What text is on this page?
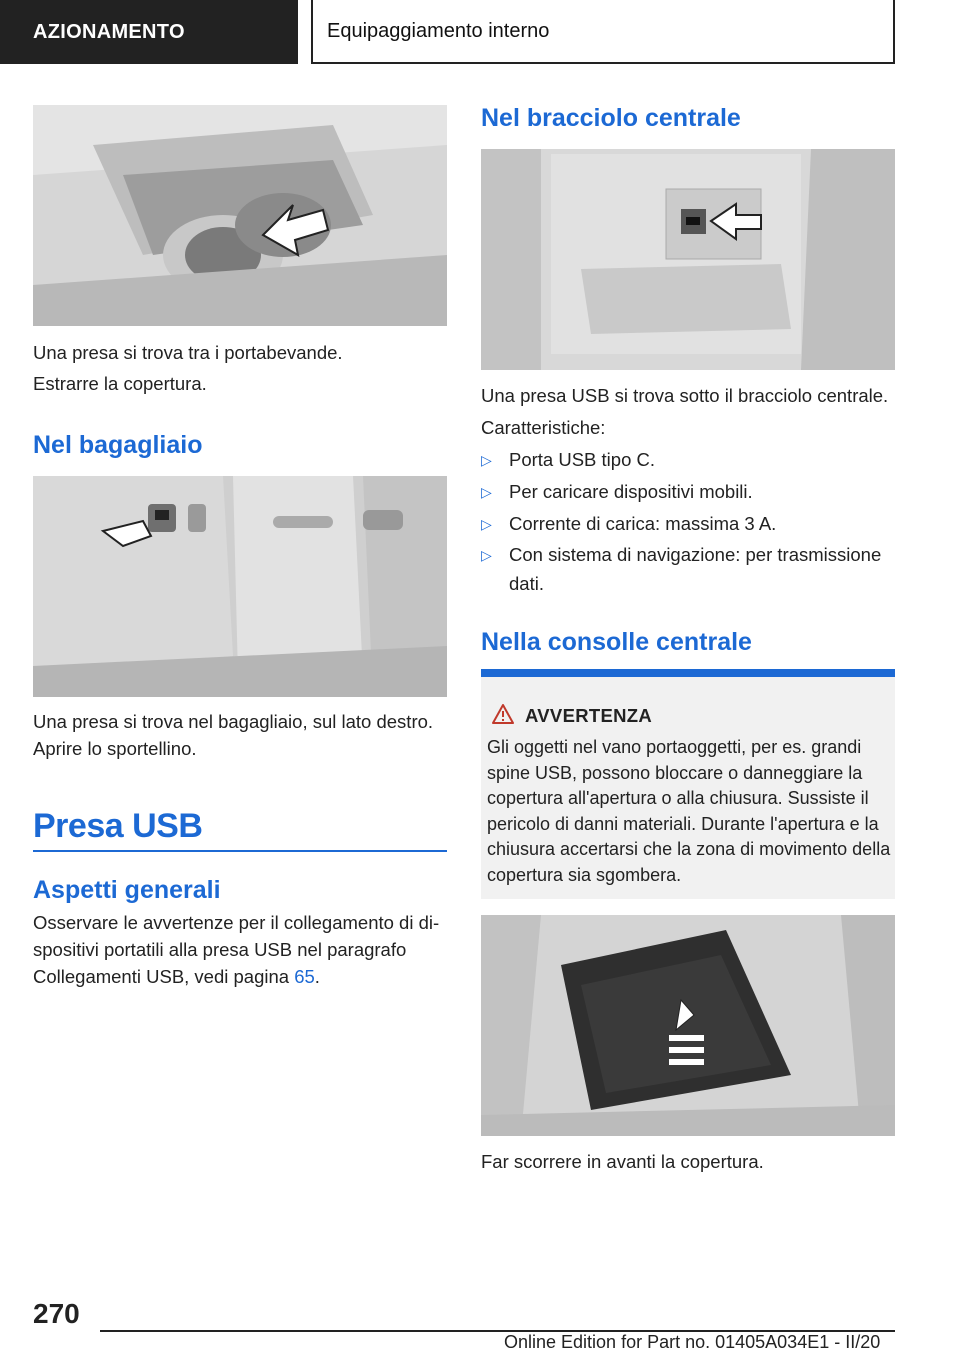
AZIONAMENTO	Equipaggiamento interno
Una presa si trova tra i portabevande.
Estrarre la copertura.
Nel bagagliaio
Una presa si trova nel bagagliaio, sul lato destro.
Aprire lo sportellino.
Presa USB
Aspetti generali
Osservare le avvertenze per il collegamento di dispositivi portatili alla presa USB nel paragrafo Collegamenti USB, vedi pagina 65.
Nel bracciolo centrale
Una presa USB si trova sotto il bracciolo centrale.
Caratteristiche:
▷ Porta USB tipo C.
▷ Per caricare dispositivi mobili.
▷ Corrente di carica: massima 3 A.
▷ Con sistema di navigazione: per trasmissione dati.
Nella consolle centrale
AVVERTENZA
Gli oggetti nel vano portaoggetti, per es. grandi spine USB, possono bloccare o danneggiare la copertura all'apertura o alla chiusura. Sussiste il pericolo di danni materiali. Durante l'apertura e la chiusura accertarsi che la zona di movimento della copertura sia sgombera.
Far scorrere in avanti la copertura.
270
Online Edition for Part no. 01405A034E1 - II/20
